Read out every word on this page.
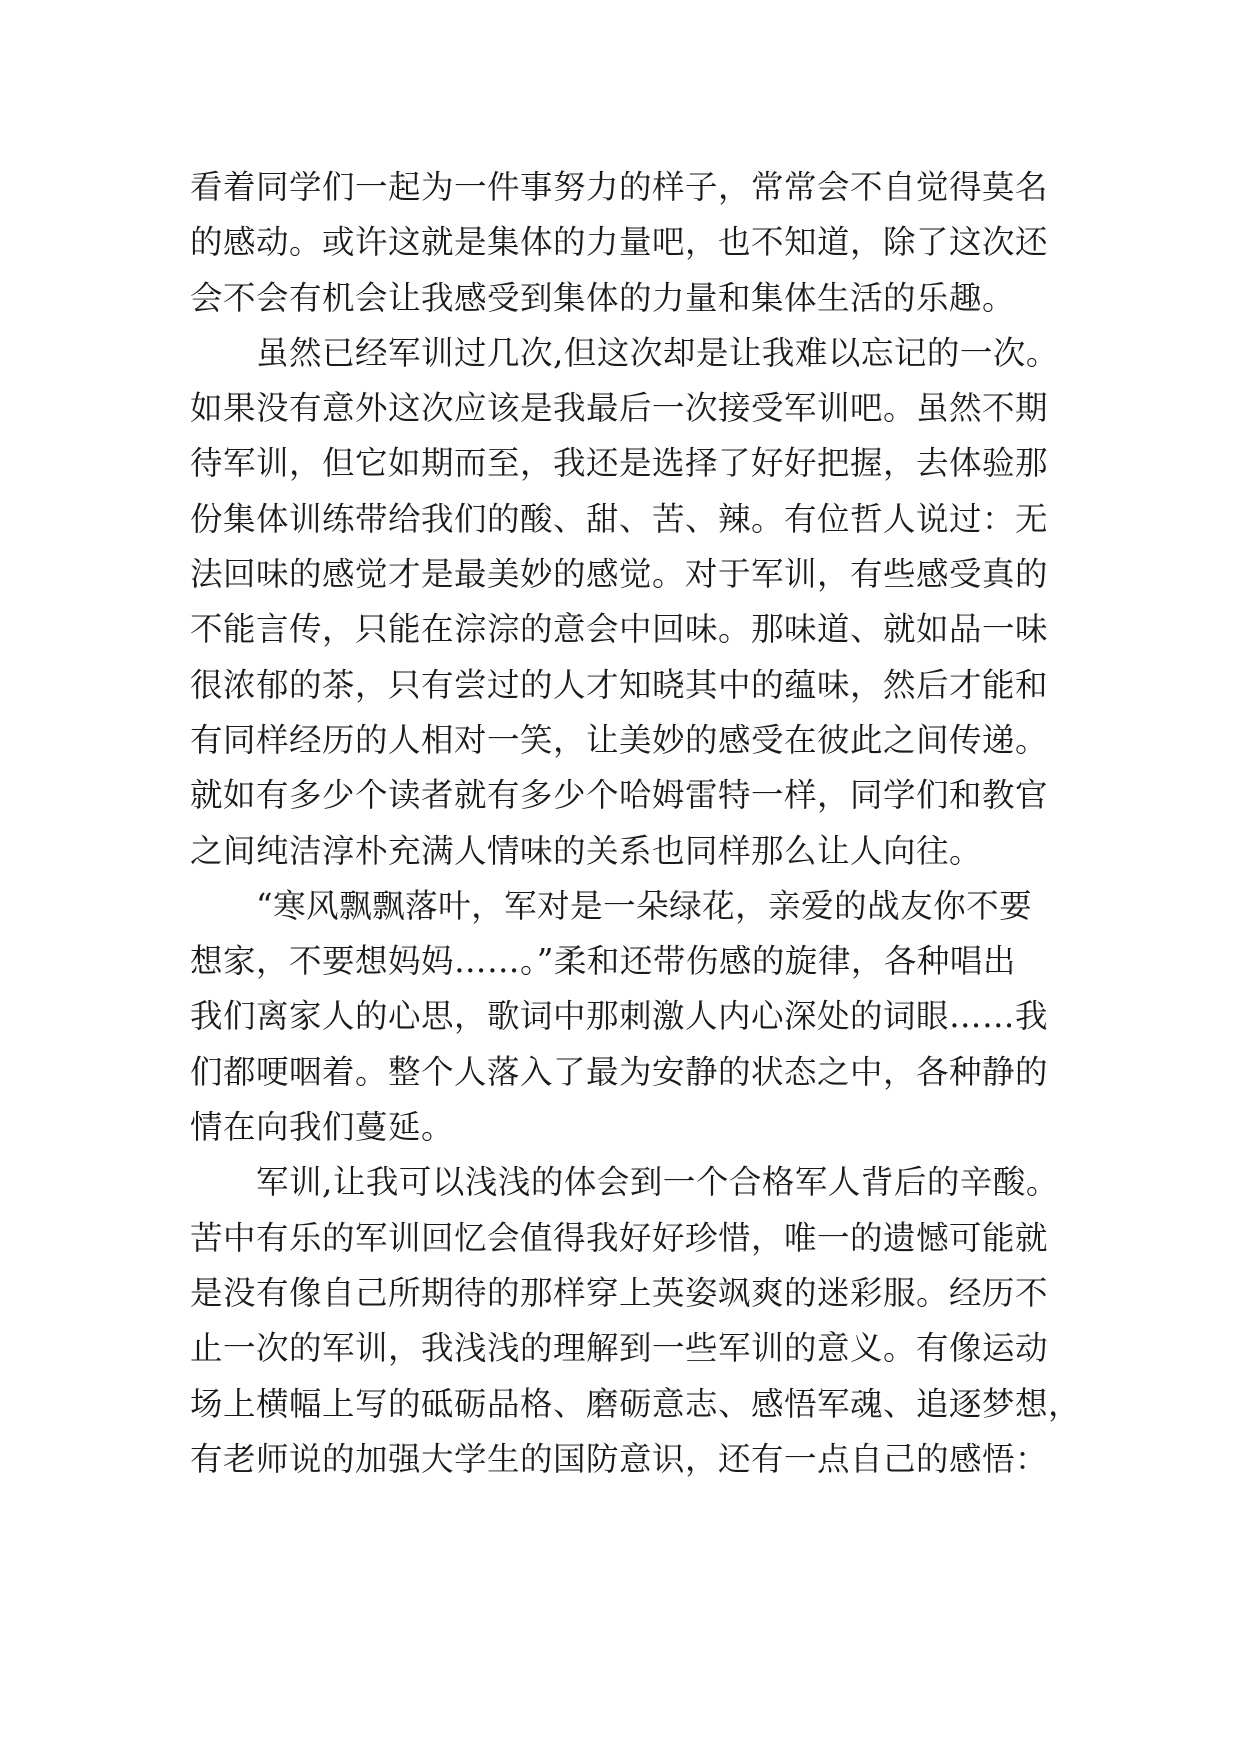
看着同学们一起为一件事努力的样子，常常会不自觉得莫名
的感动。或许这就是集体的力量吧，也不知道，除了这次还
会不会有机会让我感受到集体的力量和集体生活的乐趣。
　　虽然已经军训过几次,但这次却是让我难以忘记的一次。
如果没有意外这次应该是我最后一次接受军训吧。虽然不期
待军训，但它如期而至，我还是选择了好好把握，去体验那
份集体训练带给我们的酸、甜、苦、辣。有位哲人说过：无
法回味的感觉才是最美妙的感觉。对于军训，有些感受真的
不能言传，只能在淙淙的意会中回味。那味道、就如品一味
很浓郁的茶，只有尝过的人才知晓其中的蕴味，然后才能和
有同样经历的人相对一笑，让美妙的感受在彼此之间传递。
就如有多少个读者就有多少个哈姆雷特一样，同学们和教官
之间纯洁淳朴充满人情味的关系也同样那么让人向往。
　　“寒风飘飘落叶，军对是一朵绿花，亲爱的战友你不要
想家，不要想妈妈……。”柔和还带伤感的旋律，各种唱出
我们离家人的心思，歌词中那刺激人内心深处的词眼……我
们都哽咽着。整个人落入了最为安静的状态之中，各种静的
情在向我们蔓延。
　　军训,让我可以浅浅的体会到一个合格军人背后的辛酸。
苦中有乐的军训回忆会值得我好好珍惜，唯一的遗憾可能就
是没有像自己所期待的那样穿上英姿飒爽的迷彩服。经历不
止一次的军训，我浅浅的理解到一些军训的意义。有像运动
场上横幅上写的砥砺品格、磨砺意志、感悟军魂、追逐梦想，
有老师说的加强大学生的国防意识，还有一点自己的感悟：
